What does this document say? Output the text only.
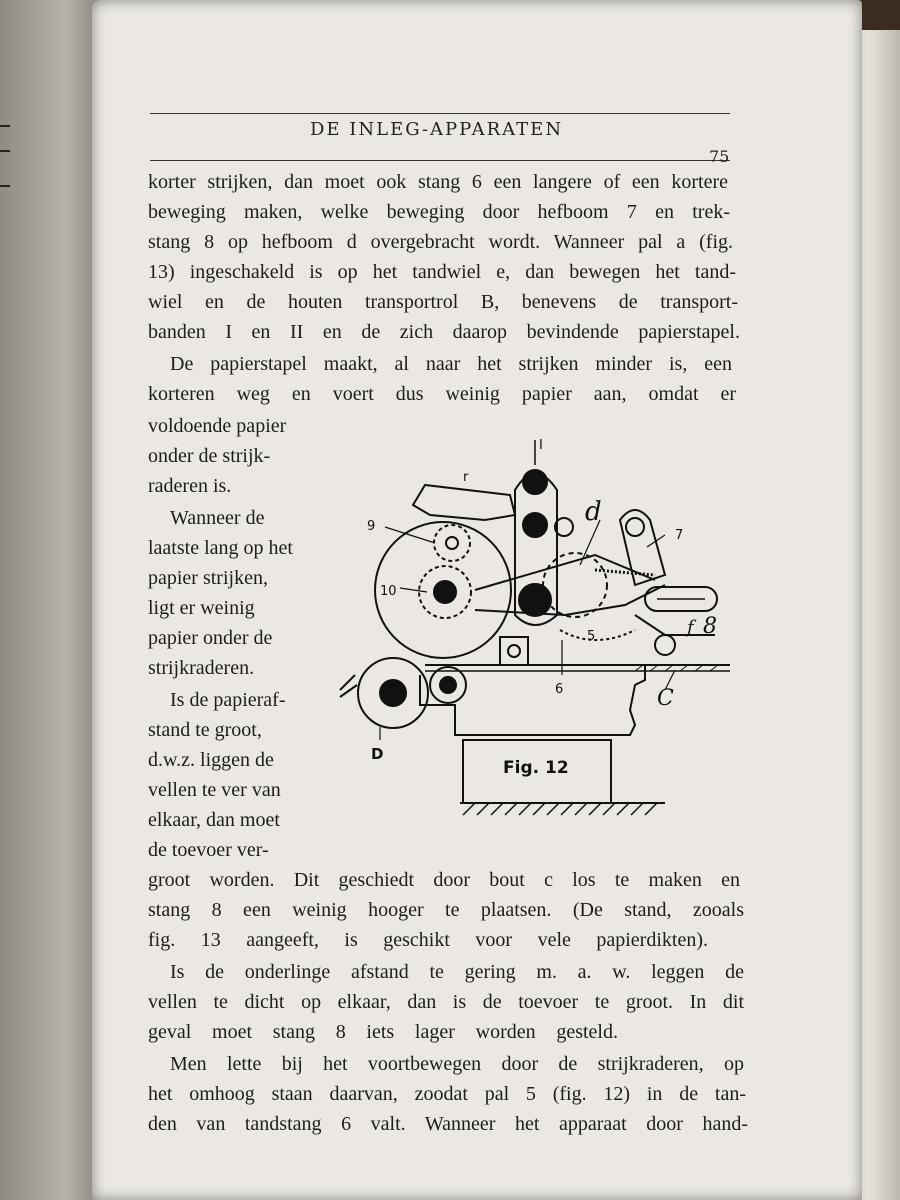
DE INLEG-APPARATEN
75
korter strijken, dan moet ook stang 6 een langere of een kortere
beweging maken, welke beweging door hefboom 7 en trek-
stang 8 op hefboom d overgebracht wordt. Wanneer pal a (fig.
13) ingeschakeld is op het tandwiel e, dan bewegen het tand-
wiel en de houten transportrol B, benevens de transport-
banden I en II en de zich daarop bevindende papierstapel.
De papierstapel maakt, al naar het strijken minder is, een
korteren weg en voert dus weinig papier aan, omdat er
voldoende papier
onder de strijk-
raderen is.
Wanneer de
laatste lang op het
papier strijken,
ligt er weinig
papier onder de
strijkraderen.
Is de papieraf-
stand te groot,
d.w.z. liggen de
vellen te ver van
elkaar, dan moet
de toevoer ver-
groot worden. Dit geschiedt door bout c los te maken en
stang 8 een weinig hooger te plaatsen. (De stand, zooals
fig. 13 aangeeft, is geschikt voor vele papierdikten).
Is de onderlinge afstand te gering m. a. w. leggen de
vellen te dicht op elkaar, dan is de toevoer te groot. In dit
geval moet stang 8 iets lager worden gesteld.
Men lette bij het voortbewegen door de strijkraderen, op
het omhoog staan daarvan, zoodat pal 5 (fig. 12) in de tan-
den van tandstang 6 valt. Wanneer het apparaat door hand-
I
r
d
7
9
10
5
6
f 8
C
D
Fig. 12
